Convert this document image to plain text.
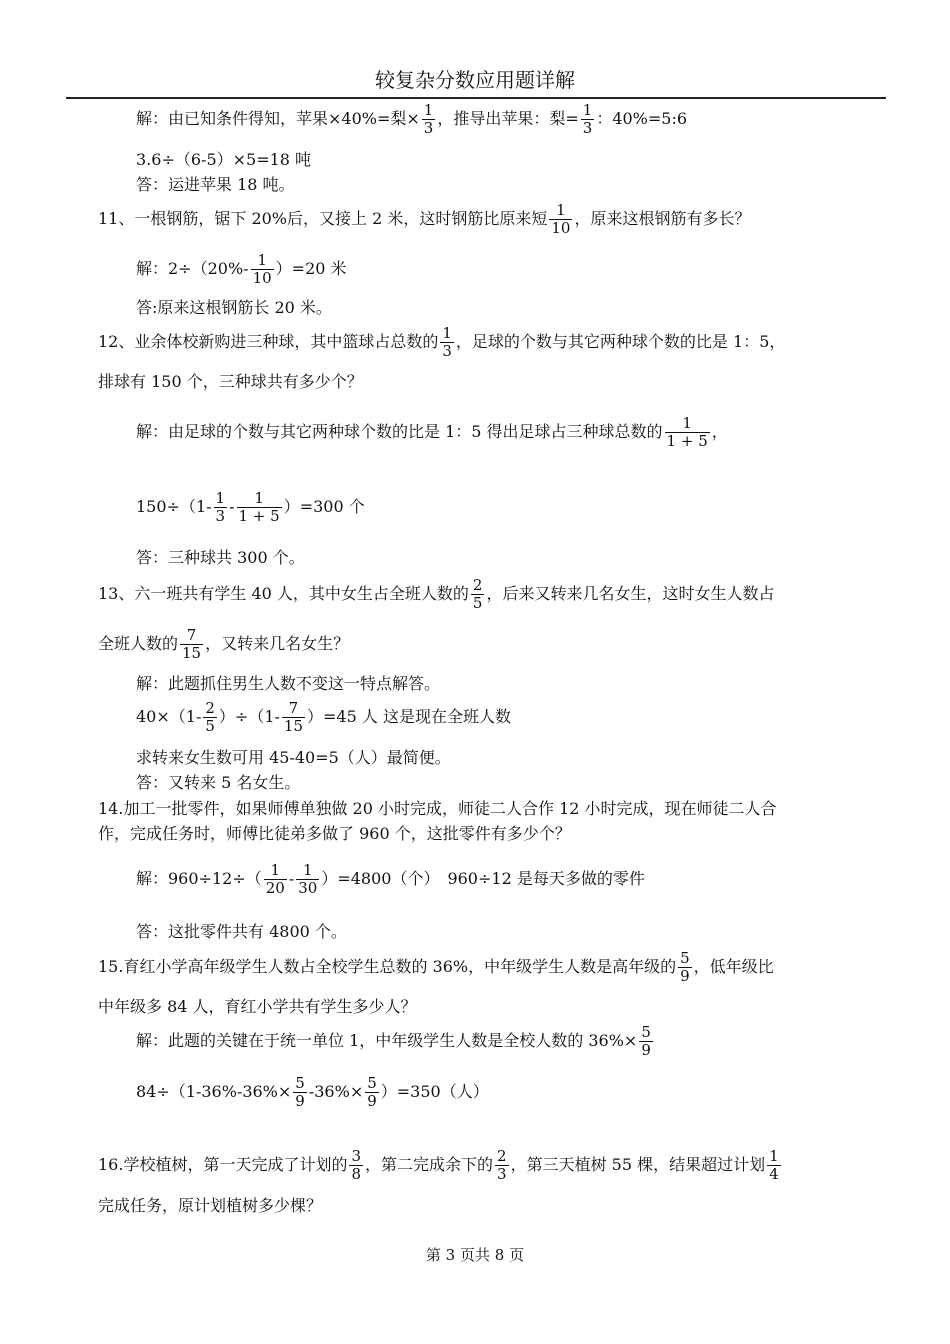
较复杂分数应用题详解
解：由已知条件得知，苹果×40%=梨× $\frac{1}{3}$ ，推导出苹果：梨= $\frac{1}{3}$ ：40%=5:6
3.6÷（6-5）×5=18 吨
答：运进苹果 18 吨。
11、一根钢筋，锯下 20%后，又接上 2 米，这时钢筋比原来短 $\frac{1}{10}$ ，原来这根钢筋有多长？
解：$2\div(20\%- \frac{1}{10} )=20$ 米
答:原来这根钢筋长 20 米。
12、业余体校新购进三种球，其中篮球占总数的 $\frac{1}{3}$ ，足球的个数与其它两种球个数的比是 1：5，
排球有 150 个，三种球共有多少个？
解：由足球的个数与其它两种球个数的比是 1：5 得出足球占三种球总数的 $\frac{1}{1 + 5}$ ，
$150\div(1- \frac{1}{3} - \frac{1}{1 + 5} )=300$ 个
答：三种球共 300 个。
13、六一班共有学生 40 人，其中女生占全班人数的 $\frac{2}{5}$ ，后来又转来几名女生，这时女生人数占
全班人数的 $\frac{7}{15}$ ，又转来几名女生？
解：此题抓住男生人数不变这一特点解答。
$40\times(1- \frac{2}{5} )\div(1- \frac{7}{15} )=45$ 人 这是现在全班人数
求转来女生数可用 45-40=5（人）最简便。
答：又转来 5 名女生。
14.加工一批零件，如果师傅单独做 20 小时完成，师徒二人合作 12 小时完成，现在师徒二人合
作，完成任务时，师傅比徒弟多做了 960 个，这批零件有多少个？
解：$960\div 12\div( \frac{1}{20} - \frac{1}{30} )=4800$（个）　960÷12 是每天多做的零件
答：这批零件共有 4800 个。
15.育红小学高年级学生人数占全校学生总数的 36%，中年级学生人数是高年级的 $\frac{5}{9}$ ，低年级比
中年级多 84 人，育红小学共有学生多少人？
解：此题的关键在于统一单位 1，中年级学生人数是全校人数的 $36\%\times \frac{5}{9}$
$84\div(1-36\%-36\%\times \frac{5}{9} -36\%\times \frac{5}{9} )=350$（人）
16.学校植树，第一天完成了计划的 $\frac{3}{8}$ ，第二完成余下的 $\frac{2}{3}$ ，第三天植树 55 棵，结果超过计划 $\frac{1}{4}$
完成任务，原计划植树多少棵？
第 3 页共 8 页
